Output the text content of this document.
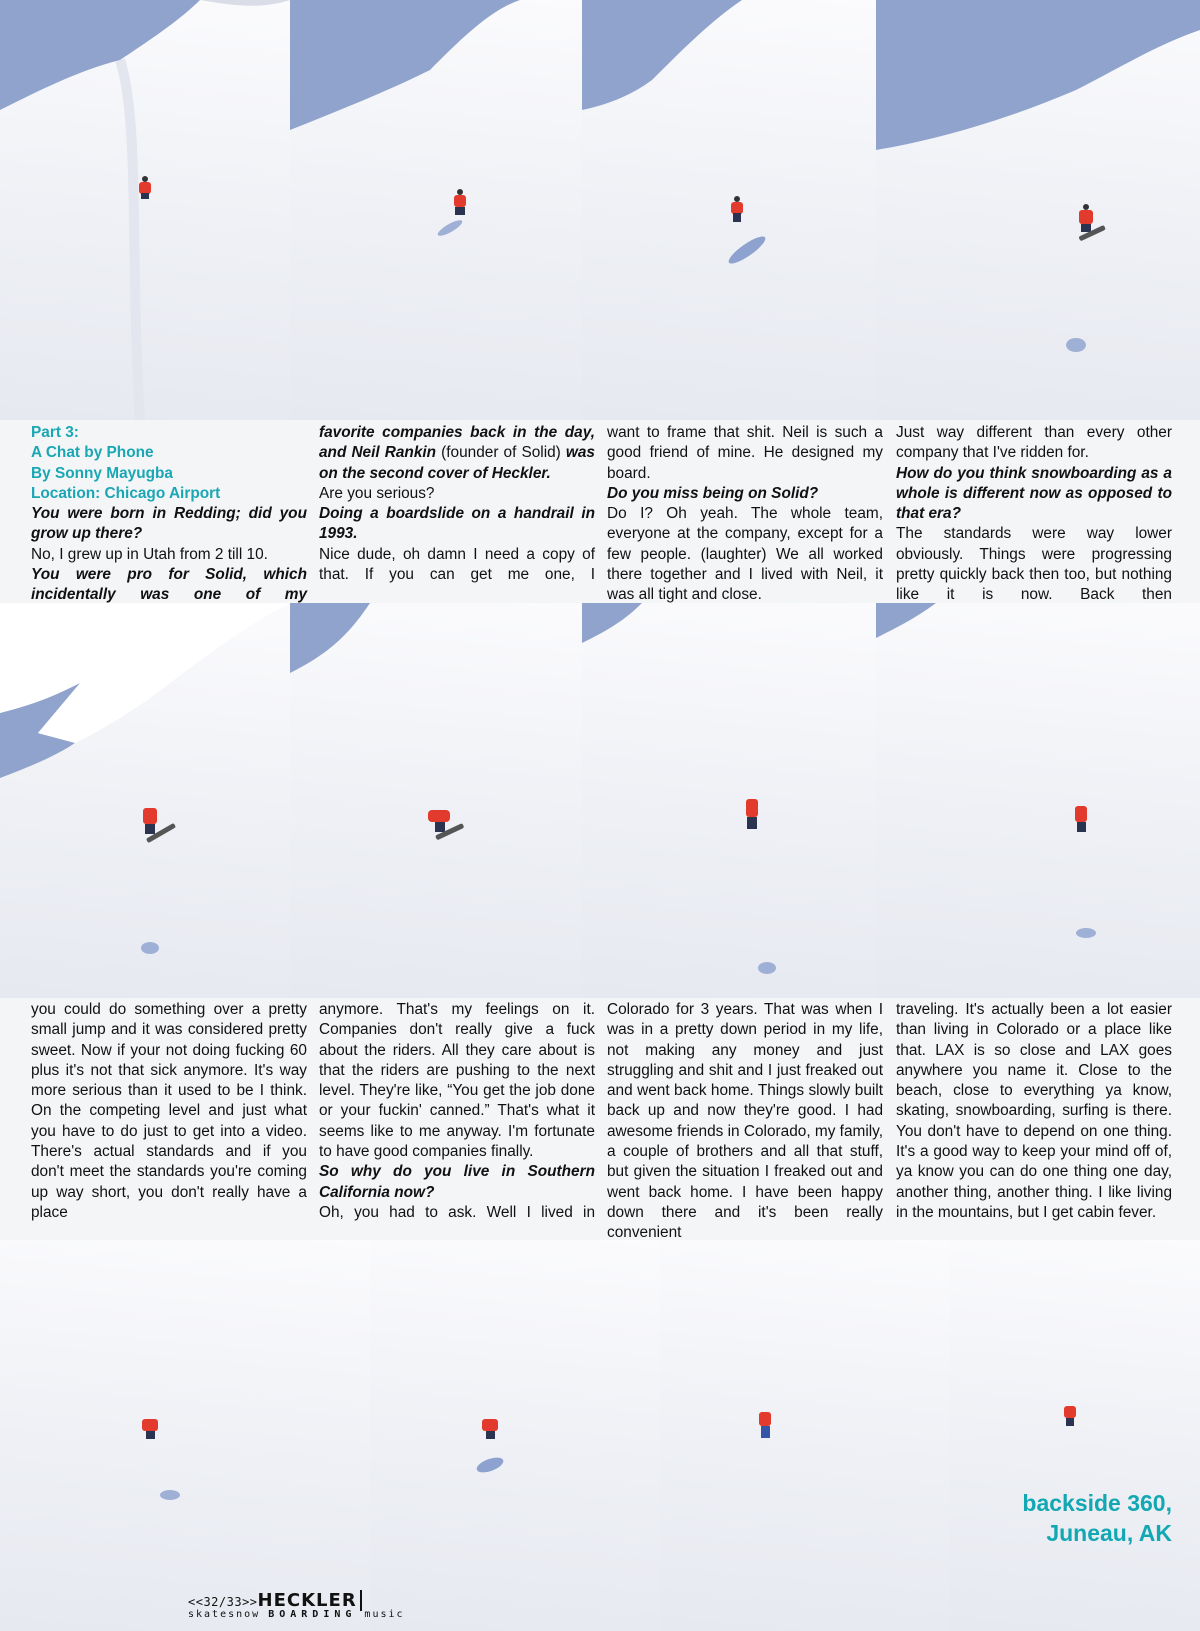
Part 3:

A Chat by Phone

By Sonny Mayugba

Location: Chicago Airport

You were born in Redding; did you grow up there?

No, I grew up in Utah from 2 till 10.

You were pro for Solid, which incidentally was one of my

favorite companies back in the day, and Neil Rankin (founder of Solid) was on the second cover of Heckler.

Are you serious?

Doing a boardslide on a handrail in 1993.

Nice dude, oh damn I need a copy of that. If you can get me one, I

want to frame that shit. Neil is such a good friend of mine. He designed my board.

Do you miss being on Solid?

Do I? Oh yeah. The whole team, everyone at the company, except for a few people. (laughter) We all worked there together and I lived with Neil, it was all tight and close.

Just way different than every other company that I've ridden for.

How do you think snowboarding as a whole is different now as opposed to that era?

The standards were way lower obviously. Things were progressing pretty quickly back then too, but nothing like it is now. Back then

you could do something over a pretty small jump and it was considered pretty sweet. Now if your not doing fucking 60 plus it's not that sick anymore. It's way more serious than it used to be I think. On the competing level and just what you have to do just to get into a video. There's actual standards and if you don't meet the standards you're coming up way short, you don't really have a place

anymore. That's my feelings on it. Companies don't really give a fuck about the riders. All they care about is that the riders are pushing to the next level. They're like, “You get the job done or your fuckin' canned.” That's what it seems like to me anyway. I'm fortunate to have good companies finally.

So why do you live in Southern California now?

Oh, you had to ask. Well I lived in

Colorado for 3 years. That was when I was in a pretty down period in my life, not making any money and just struggling and shit and I just freaked out and went back home. Things slowly built back up and now they're good. I had awesome friends in Colorado, my family, a couple of brothers and all that stuff, but given the situation I freaked out and went back home. I have been happy down there and it's been really convenient

traveling. It's actually been a lot easier than living in Colorado or a place like that. LAX is so close and LAX goes anywhere you name it. Close to the beach, close to everything ya know, skating, snowboarding, surfing is there. You don't have to depend on one thing. It's a good way to keep your mind off of, ya know you can do one thing one day, another thing, another thing. I like living in the mountains, but I get cabin fever.

backside 360,
Juneau, AK
<<32/33>>HECKLER
skatesnow BOARDING music
